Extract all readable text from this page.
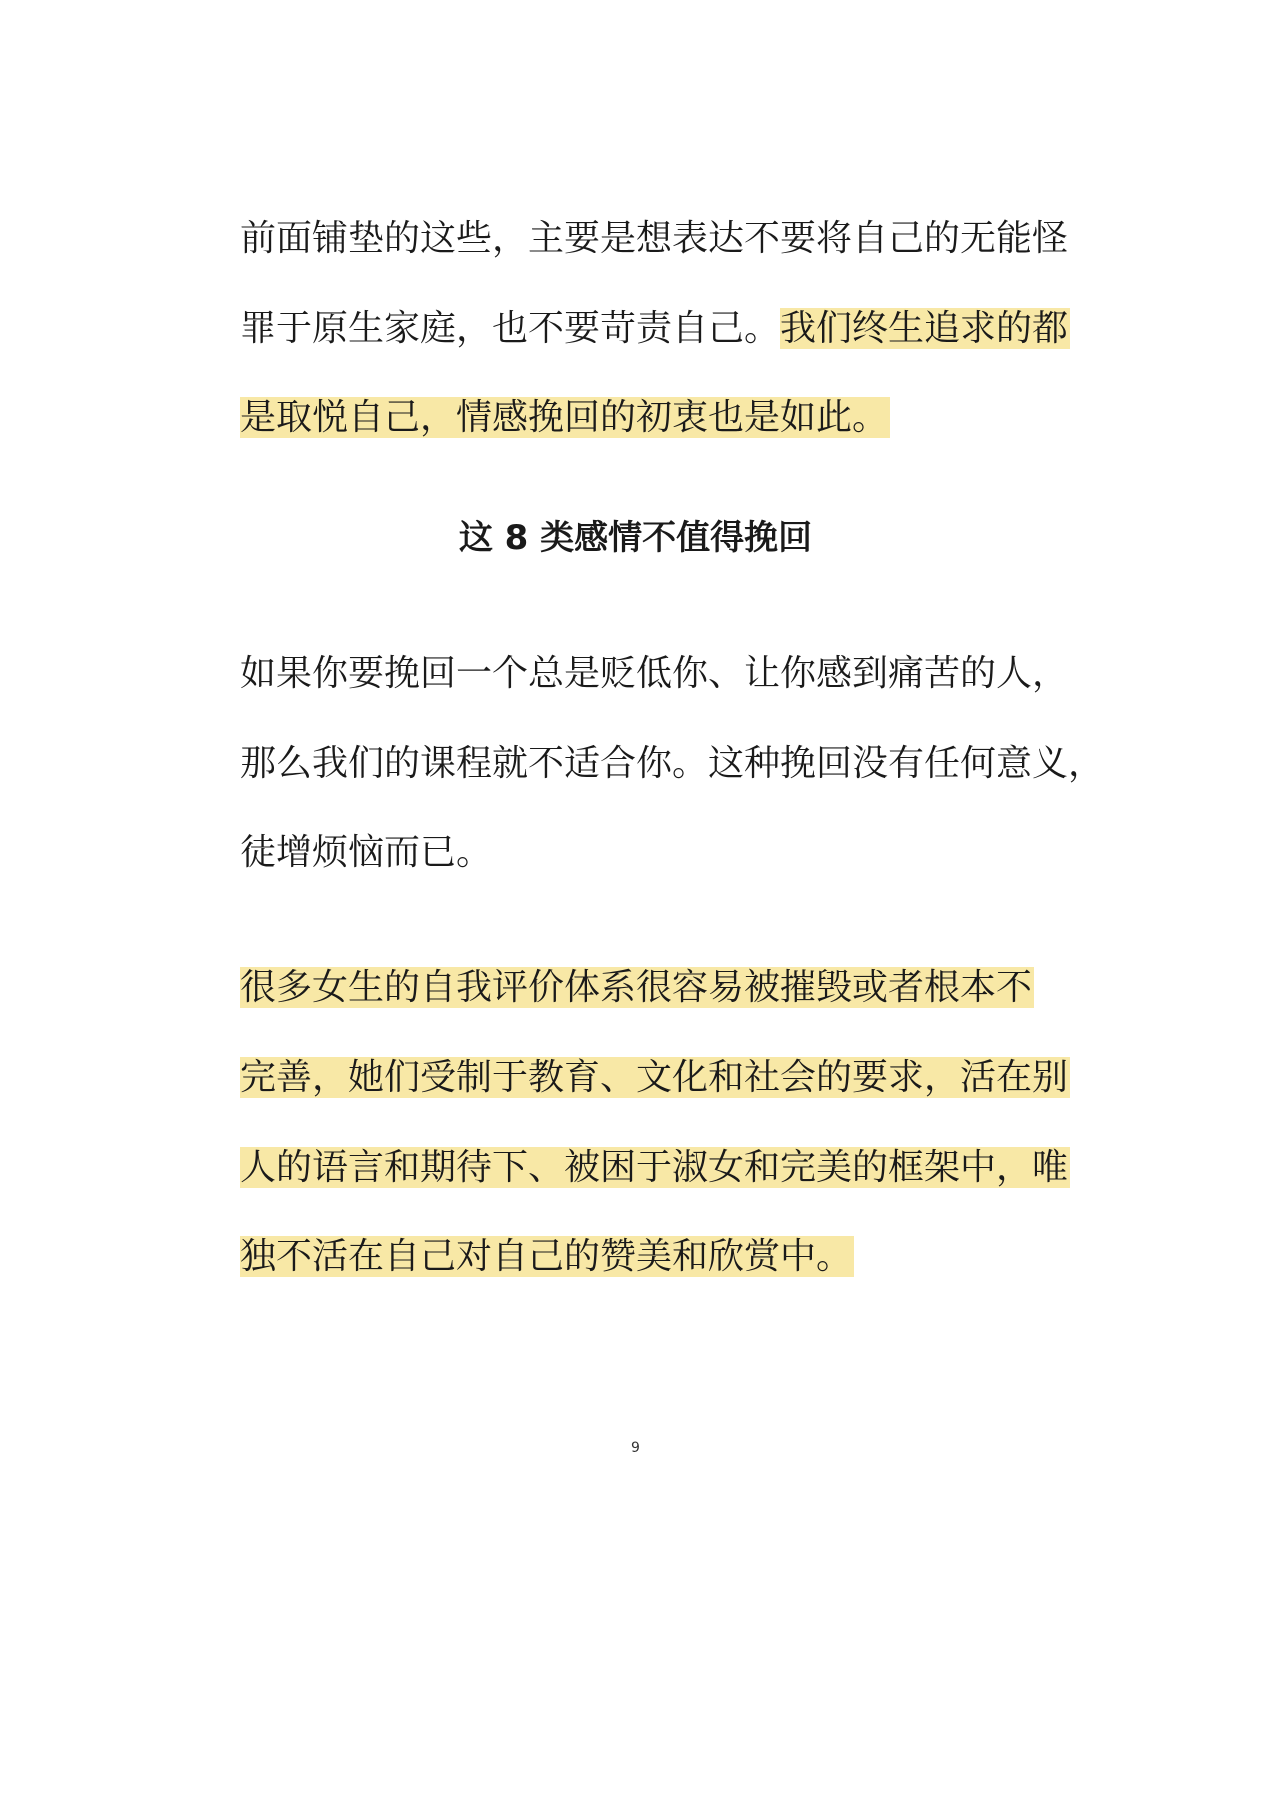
前面铺垫的这些，主要是想表达不要将自己的无能怪
罪于原生家庭，也不要苛责自己。我们终生追求的都
是取悦自己，情感挽回的初衷也是如此。
这 8 类感情不值得挽回
如果你要挽回一个总是贬低你、让你感到痛苦的人，
那么我们的课程就不适合你。这种挽回没有任何意义，
徒增烦恼而已。
很多女生的自我评价体系很容易被摧毁或者根本不
完善，她们受制于教育、文化和社会的要求，活在别
人的语言和期待下、被困于淑女和完美的框架中，唯
独不活在自己对自己的赞美和欣赏中。
9
